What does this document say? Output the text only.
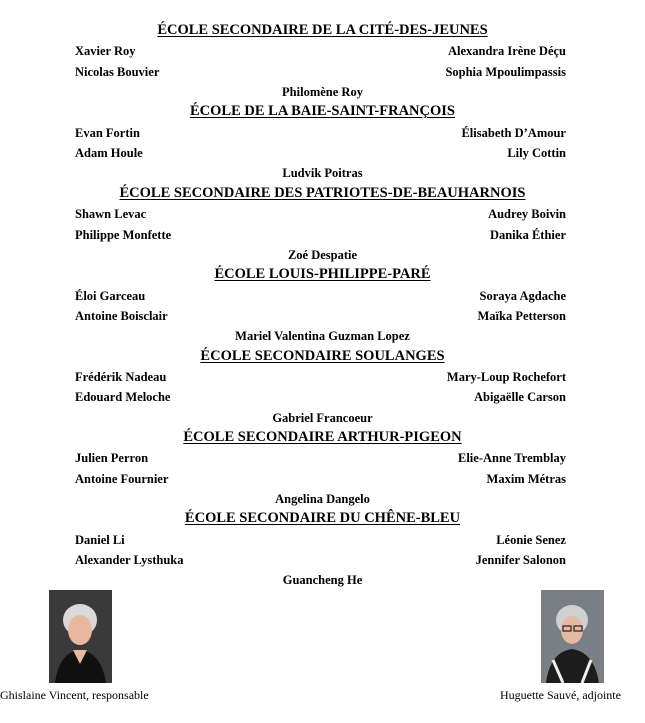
ÉCOLE SECONDAIRE DE LA CITÉ-DES-JEUNES
Xavier Roy	Alexandra Irène Déçu
Nicolas Bouvier	Sophia Mpoulimpassis
Philomène Roy
ÉCOLE DE LA BAIE-SAINT-FRANÇOIS
Evan Fortin	Élisabeth D’Amour
Adam Houle	Lily Cottin
Ludvik Poitras
ÉCOLE SECONDAIRE DES PATRIOTES-DE-BEAUHARNOIS
Shawn Levac	Audrey Boivin
Philippe Monfette	Danika Éthier
Zoé Despatie
ÉCOLE LOUIS-PHILIPPE-PARÉ
Éloi Garceau	Soraya Agdache
Antoine Boisclair	Maïka Petterson
Mariel Valentina Guzman Lopez
ÉCOLE SECONDAIRE SOULANGES
Frédérik Nadeau	Mary-Loup Rochefort
Edouard Meloche	Abigaëlle Carson
Gabriel Francoeur
ÉCOLE SECONDAIRE ARTHUR-PIGEON
Julien Perron	Elie-Anne Tremblay
Antoine Fournier	Maxim Métras
Angelina Dangelo
ÉCOLE SECONDAIRE DU CHÊNE-BLEU
Daniel Li	Léonie Senez
Alexander Lysthuka	Jennifer Salonon
Guancheng He
Ghislaine Vincent, responsable	Huguette Sauvé, adjointe
